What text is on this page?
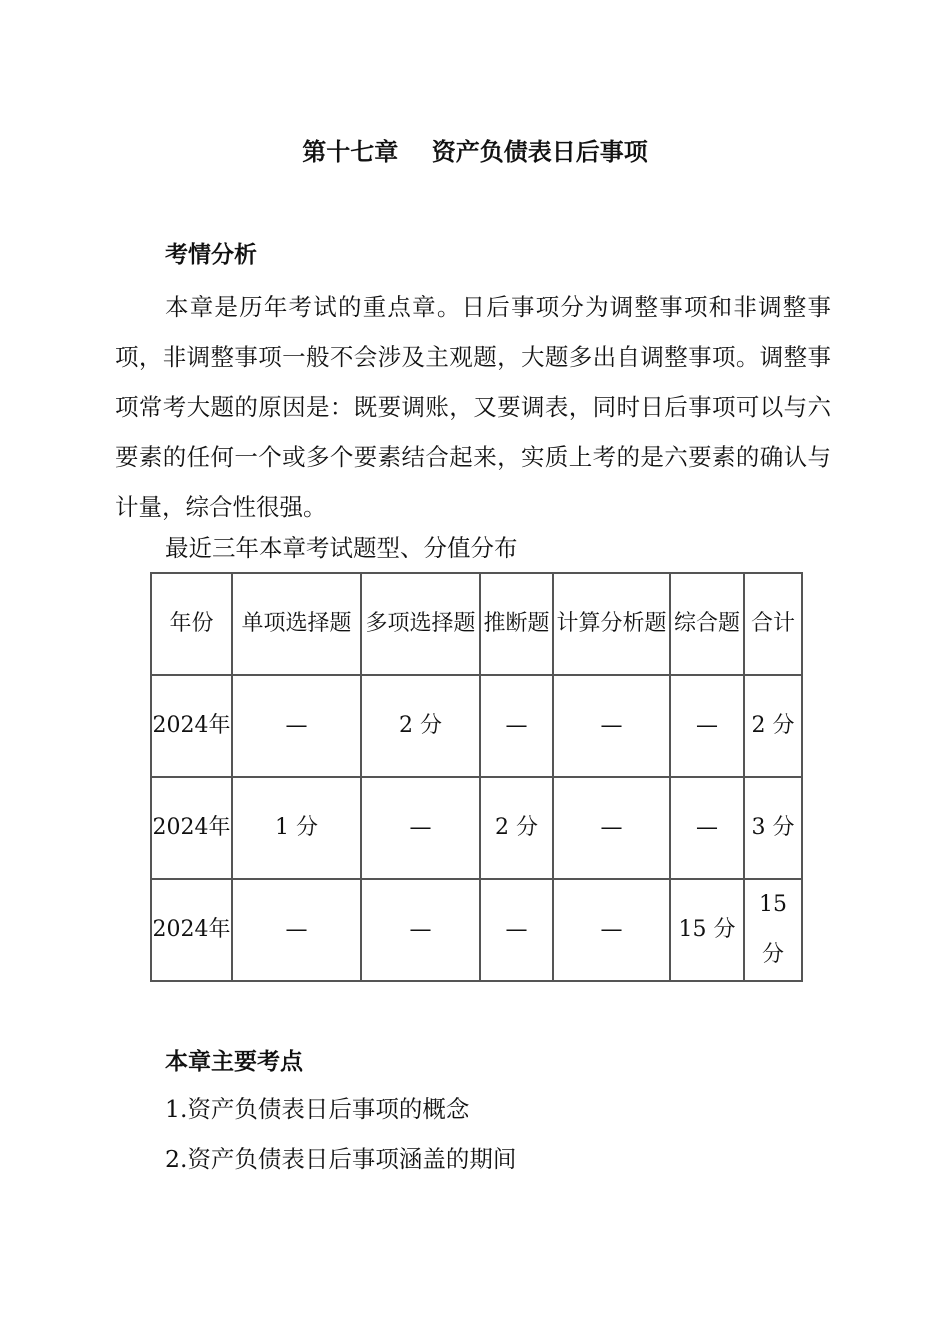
第十七章    资产负债表日后事项
考情分析

本章是历年考试的重点章。日后事项分为调整事项和非调整事项，非调整事项一般不会涉及主观题，大题多出自调整事项。调整事项常考大题的原因是：既要调账，又要调表，同时日后事项可以与六要素的任何一个或多个要素结合起来，实质上考的是六要素的确认与计量，综合性很强。

最近三年本章考试题型、分值分布
年份	单项选择题	多项选择题	推断题	计算分析题	综合题	合计
2024年	—	2 分	—	—	—	2 分
2024年	1 分	—	2 分	—	—	3 分
2024年	—	—	—	—	15 分	15 分
本章主要考点
1.资产负债表日后事项的概念
2.资产负债表日后事项涵盖的期间
